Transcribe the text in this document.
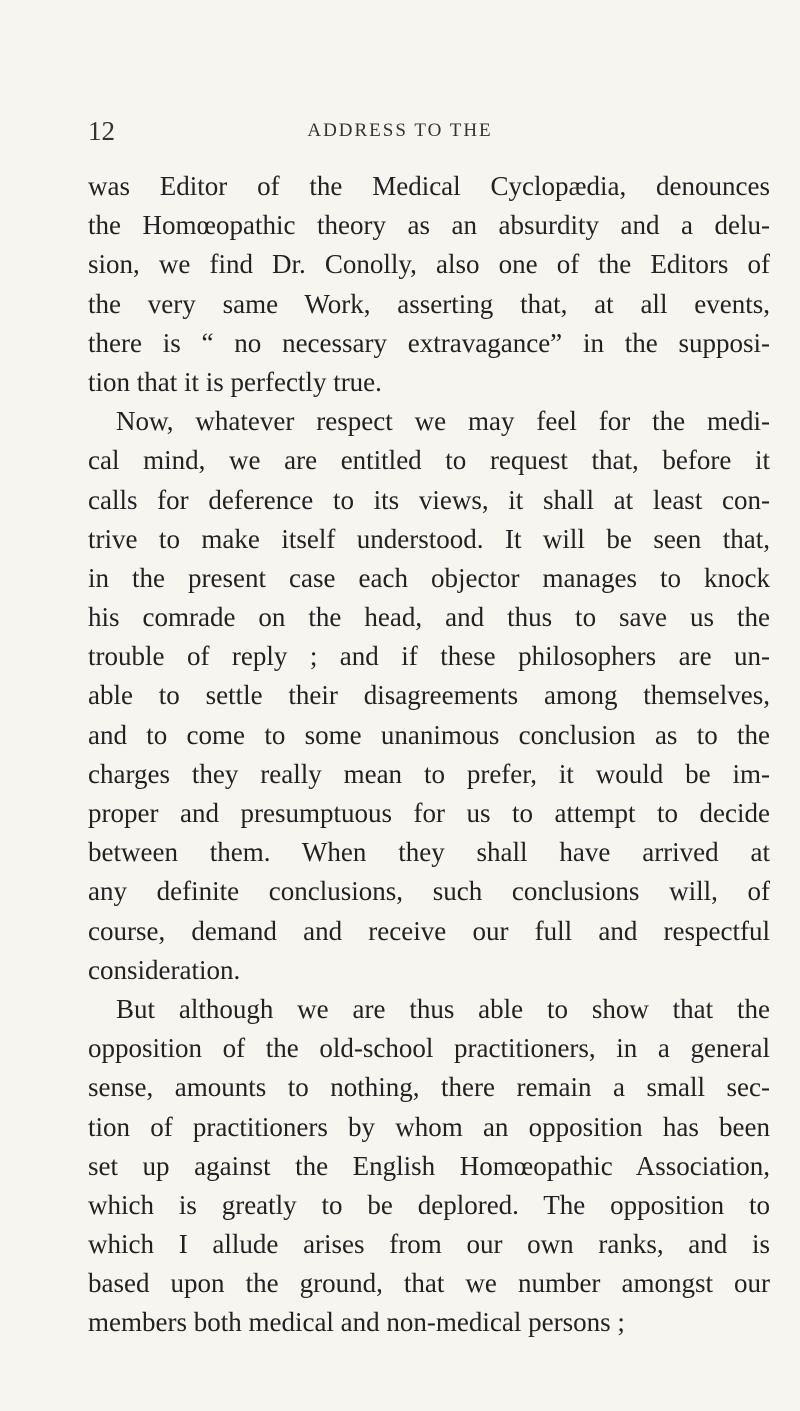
12	ADDRESS TO THE
was Editor of the Medical Cyclopædia, denounces
the Homœopathic theory as an absurdity and a delu-
sion, we find Dr. Conolly, also one of the Editors of
the very same Work, asserting that, at all events,
there is “ no necessary extravagance” in the supposi-
tion that it is perfectly true.
Now, whatever respect we may feel for the medi-
cal mind, we are entitled to request that, before it
calls for deference to its views, it shall at least con-
trive to make itself understood. It will be seen that,
in the present case each objector manages to knock
his comrade on the head, and thus to save us the
trouble of reply ; and if these philosophers are un-
able to settle their disagreements among themselves,
and to come to some unanimous conclusion as to the
charges they really mean to prefer, it would be im-
proper and presumptuous for us to attempt to decide
between them. When they shall have arrived at
any definite conclusions, such conclusions will, of
course, demand and receive our full and respectful
consideration.
But although we are thus able to show that the
opposition of the old-school practitioners, in a general
sense, amounts to nothing, there remain a small sec-
tion of practitioners by whom an opposition has been
set up against the English Homœopathic Association,
which is greatly to be deplored. The opposition to
which I allude arises from our own ranks, and is
based upon the ground, that we number amongst our
members both medical and non-medical persons ;
